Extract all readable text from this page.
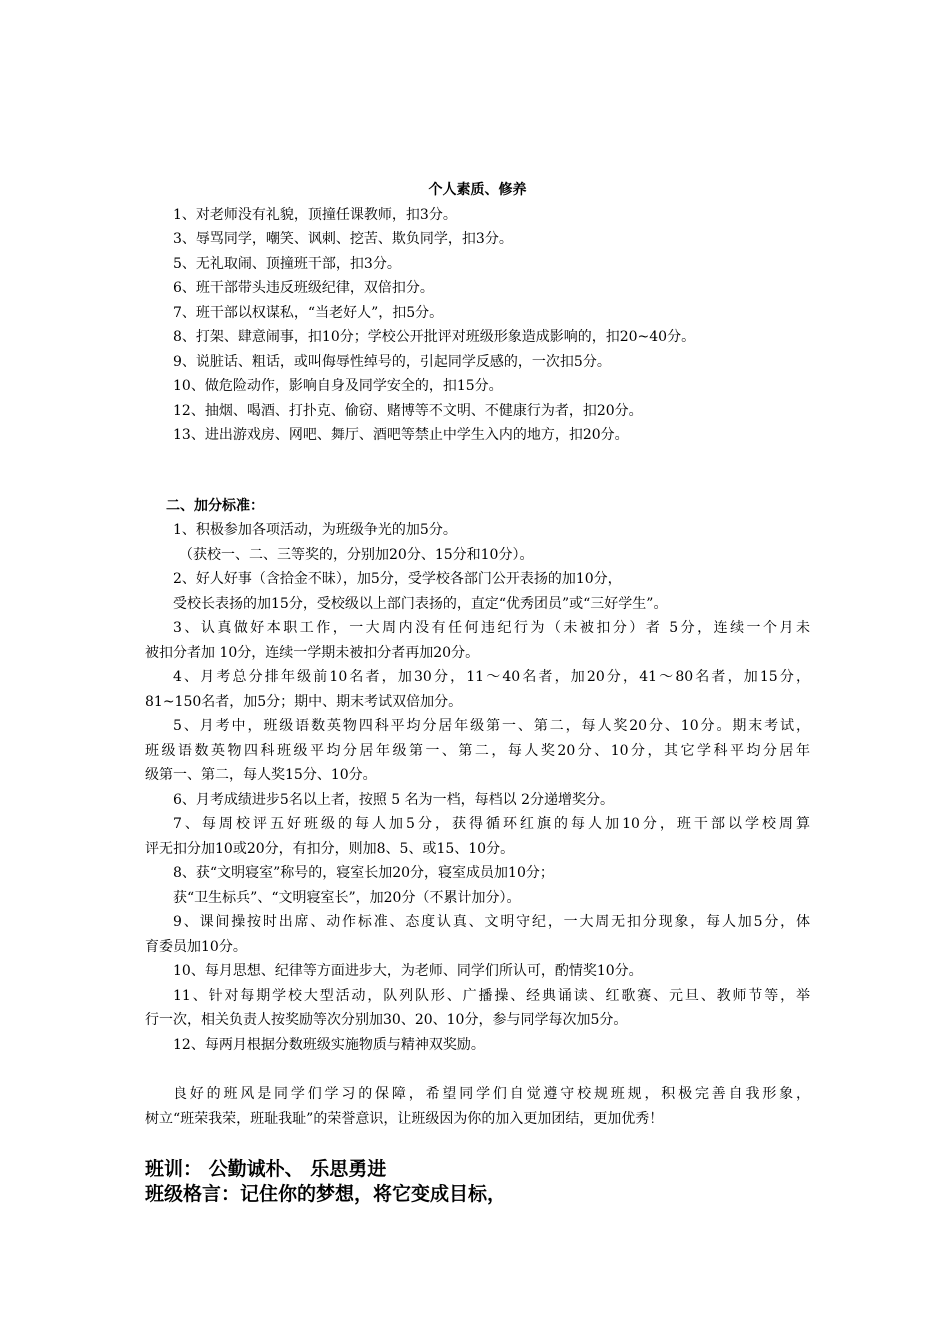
个人素质、修养
1、对老师没有礼貌，顶撞任课教师，扣3分。
3、辱骂同学，嘲笑、讽刺、挖苦、欺负同学，扣3分。
5、无礼取闹、顶撞班干部，扣3分。
6、班干部带头违反班级纪律，双倍扣分。
7、班干部以权谋私，“当老好人”，扣5分。
8、打架、肆意闹事，扣10分；学校公开批评对班级形象造成影响的，扣20~40分。
9、说脏话、粗话，或叫侮辱性绰号的，引起同学反感的，一次扣5分。
10、做危险动作，影响自身及同学安全的，扣15分。
12、抽烟、喝酒、打扑克、偷窃、赌博等不文明、不健康行为者，扣20分。
13、进出游戏房、网吧、舞厅、酒吧等禁止中学生入内的地方，扣20分。
二、加分标准：
1、积极参加各项活动，为班级争光的加5分。
（获校一、二、三等奖的，分别加20分、15分和10分）。
2、好人好事（含拾金不昧），加5分，受学校各部门公开表扬的加10分，
受校长表扬的加15分，受校级以上部门表扬的，直定“优秀团员”或“三好学生”。
3、认真做好本职工作，一大周内没有任何违纪行为（未被扣分）者 5分，连续一个月未
被扣分者加 10分，连续一学期未被扣分者再加20分。
4、月考总分排年级前10名者，加30分，11～40名者，加20分，41～80名者，加15分，
81~150名者，加5分；期中、期末考试双倍加分。
5、月考中，班级语数英物四科平均分居年级第一、第二，每人奖20分、10分。期末考试，
班级语数英物四科班级平均分居年级第一、第二，每人奖20分、10分，其它学科平均分居年
级第一、第二，每人奖15分、10分。
6、月考成绩进步5名以上者，按照 5 名为一档，每档以 2分递增奖分。
7、每周校评五好班级的每人加5分，获得循环红旗的每人加10分，班干部以学校周算
评无扣分加10或20分，有扣分，则加8、5、或15、10分。
8、获“文明寝室”称号的，寝室长加20分，寝室成员加10分；
获“卫生标兵”、“文明寝室长”，加20分（不累计加分）。
9、课间操按时出席、动作标准、态度认真、文明守纪，一大周无扣分现象，每人加5分，体
育委员加10分。
10、每月思想、纪律等方面进步大，为老师、同学们所认可，酌情奖10分。
11、针对每期学校大型活动，队列队形、广播操、经典诵读、红歌赛、元旦、教师节等，举
行一次，相关负责人按奖励等次分别加30、20、10分，参与同学每次加5分。
12、每两月根据分数班级实施物质与精神双奖励。
良好的班风是同学们学习的保障，希望同学们自觉遵守校规班规，积极完善自我形象，
树立“班荣我荣，班耻我耻”的荣誉意识，让班级因为你的加入更加团结，更加优秀！
班训： 公勤诚朴、 乐思勇进
班级格言：记住你的梦想，将它变成目标，
